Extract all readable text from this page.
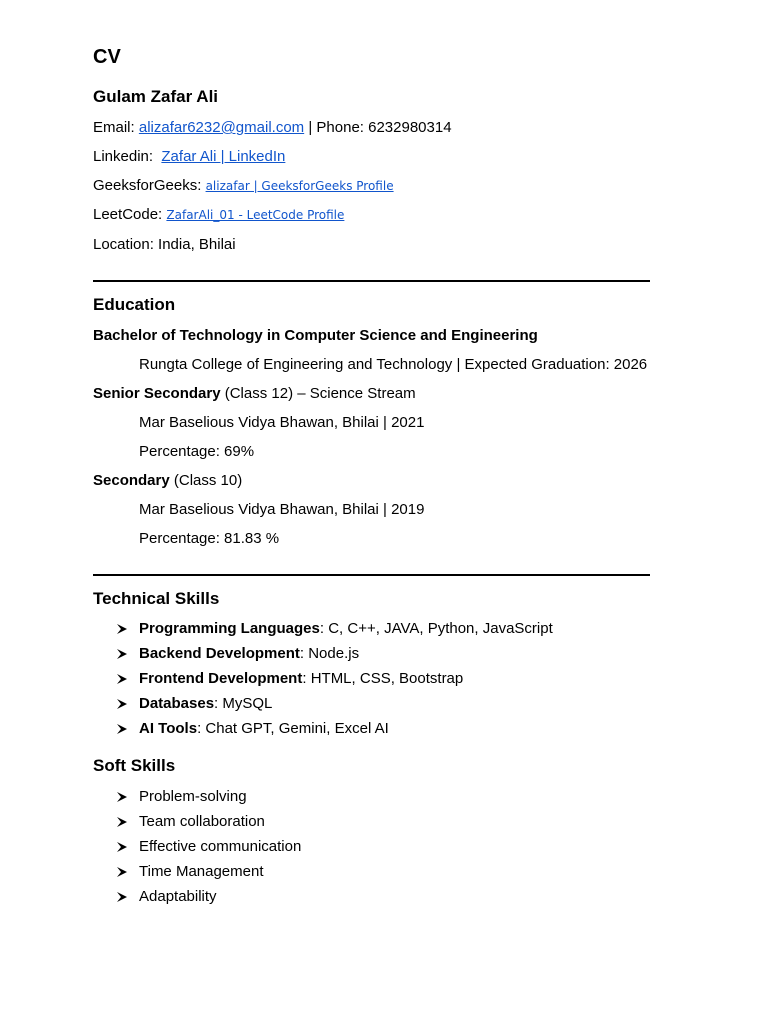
CV
Gulam Zafar Ali
Email: alizafar6232@gmail.com | Phone: 6232980314
Linkedin: Zafar Ali | LinkedIn
GeeksforGeeks: alizafar | GeeksforGeeks Profile
LeetCode: ZafarAli_01 - LeetCode Profile
Location: India, Bhilai
Education
Bachelor of Technology in Computer Science and Engineering
Rungta College of Engineering and Technology | Expected Graduation: 2026
Senior Secondary (Class 12) – Science Stream
Mar Baselious Vidya Bhawan, Bhilai | 2021
Percentage: 69%
Secondary (Class 10)
Mar Baselious Vidya Bhawan, Bhilai | 2019
Percentage: 81.83 %
Technical Skills
Programming Languages : C, C++, JAVA, Python, JavaScript
Backend Development : Node.js
Frontend Development : HTML, CSS, Bootstrap
Databases : MySQL
AI Tools : Chat GPT, Gemini, Excel AI
Soft Skills
Problem-solving
Team collaboration
Effective communication
Time Management
Adaptability
